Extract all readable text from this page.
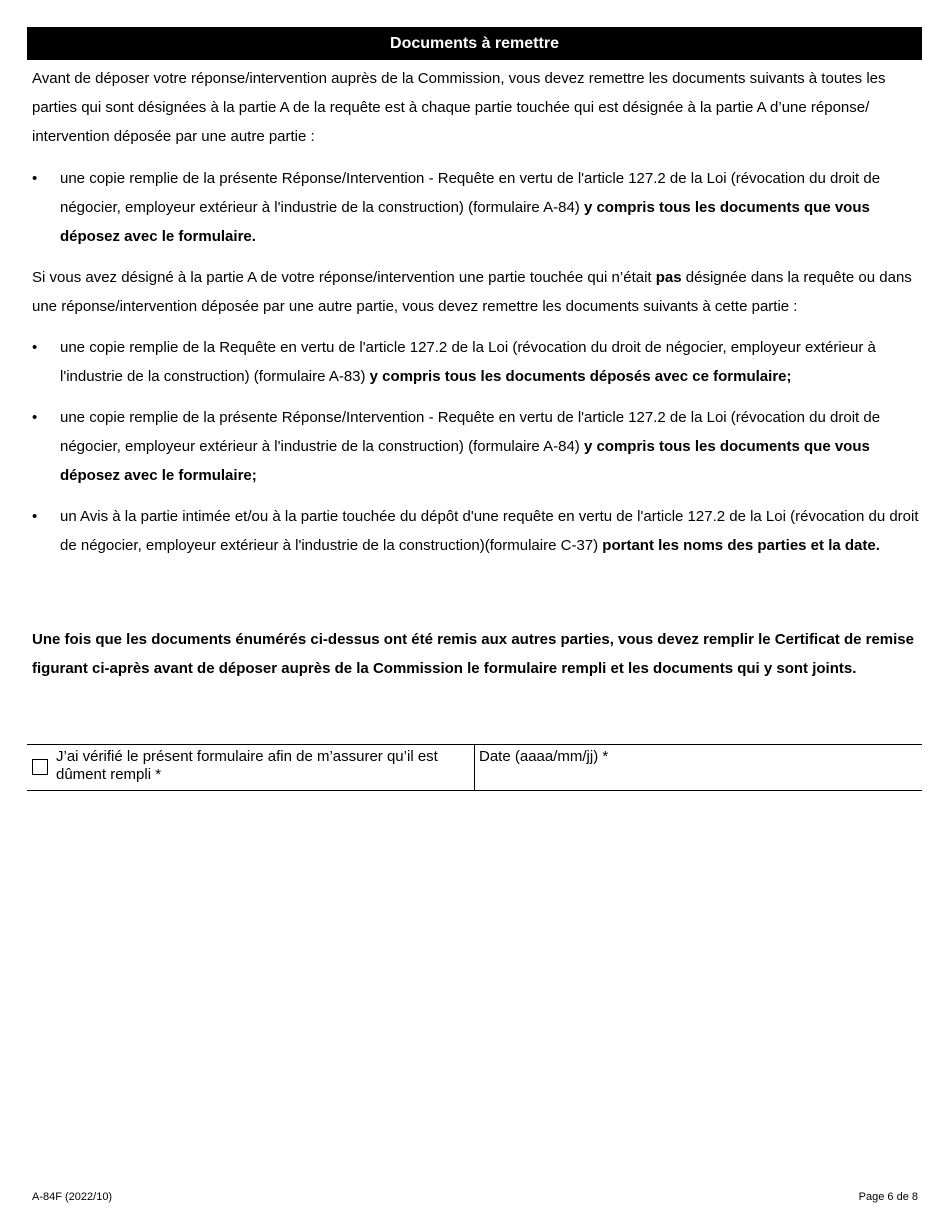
Documents à remettre
Avant de déposer votre réponse/intervention auprès de la Commission, vous devez remettre les documents suivants à toutes les parties qui sont désignées à la partie A de la requête est à chaque partie touchée qui est désignée à la partie A d’une réponse/ intervention déposée par une autre partie :
• une copie remplie de la présente Réponse/Intervention - Requête en vertu de l'article 127.2 de la Loi (révocation du droit de négocier, employeur extérieur à l'industrie de la construction) (formulaire A-84) y compris tous les documents que vous déposez avec le formulaire.
Si vous avez désigné à la partie A de votre réponse/intervention une partie touchée qui n’était pas désignée dans la requête ou dans une réponse/intervention déposée par une autre partie, vous devez remettre les documents suivants à cette partie :
• une copie remplie de la Requête en vertu de l'article 127.2 de la Loi (révocation du droit de négocier, employeur extérieur à l'industrie de la construction) (formulaire A-83) y compris tous les documents déposés avec ce formulaire;
• une copie remplie de la présente Réponse/Intervention - Requête en vertu de l'article 127.2 de la Loi (révocation du droit de négocier, employeur extérieur à l'industrie de la construction) (formulaire A-84) y compris tous les documents que vous déposez avec le formulaire;
• un Avis à la partie intimée et/ou à la partie touchée du dépôt d'une requête en vertu de l'article 127.2 de la Loi (révocation du droit de négocier, employeur extérieur à l'industrie de la construction)(formulaire C-37) portant les noms des parties et la date.
Une fois que les documents énumérés ci-dessus ont été remis aux autres parties, vous devez remplir le Certificat de remise figurant ci-après avant de déposer auprès de la Commission le formulaire rempli et les documents qui y sont joints.
J’ai vérifié le présent formulaire afin de m’assurer qu’il est dûment rempli *
Date (aaaa/mm/jj) *
A-84F (2022/10)	Page 6 de 8
